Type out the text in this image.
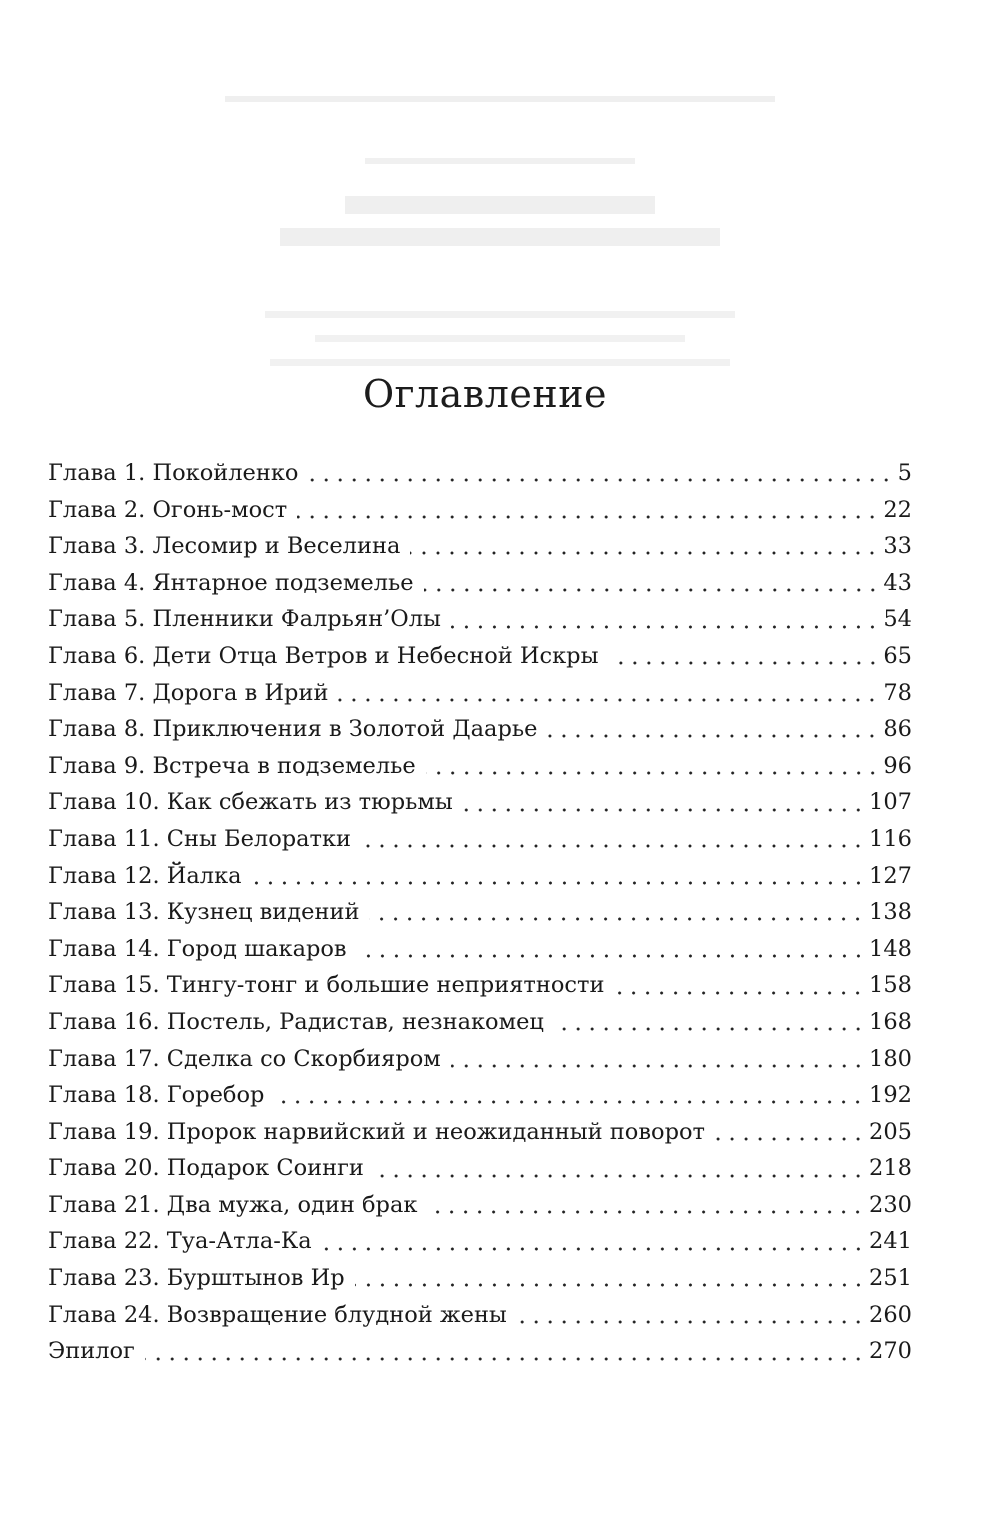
Оглавление
Глава 1. Покойленко	5
Глава 2. Огонь-мост	22
Глава 3. Лесомир и Веселина	33
Глава 4. Янтарное подземелье	43
Глава 5. Пленники Фалрьян’Олы	54
Глава 6. Дети Отца Ветров и Небесной Искры	65
Глава 7. Дорога в Ирий	78
Глава 8. Приключения в Золотой Даарье	86
Глава 9. Встреча в подземелье	96
Глава 10. Как сбежать из тюрьмы	107
Глава 11. Сны Белоратки	116
Глава 12. Йалка	127
Глава 13. Кузнец видений	138
Глава 14. Город шакаров	148
Глава 15. Тингу-тонг и большие неприятности	158
Глава 16. Постель, Радистав, незнакомец	168
Глава 17. Сделка со Скорбияром	180
Глава 18. Горебор	192
Глава 19. Пророк нарвийский и неожиданный поворот	205
Глава 20. Подарок Соинги	218
Глава 21. Два мужа, один брак	230
Глава 22. Туа-Атла-Ка	241
Глава 23. Бурштынов Ир	251
Глава 24. Возвращение блудной жены	260
Эпилог	270
